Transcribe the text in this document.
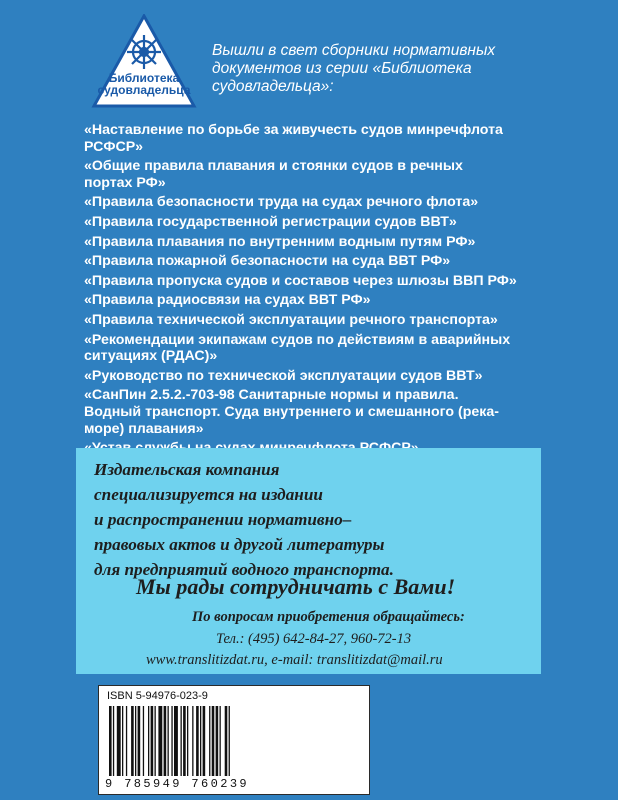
Библиотека
судовладельца
Вышли в свет сборники нормативных
документов из серии «Библиотека
судовладельца»:
«Наставление по борьбе за живучесть судов минречфлота
РСФСР»
«Общие правила плавания и стоянки судов в речных
портах РФ»
«Правила безопасности труда на судах речного флота»
«Правила государственной регистрации судов ВВТ»
«Правила плавания по внутренним водным путям РФ»
«Правила пожарной безопасности на суда ВВТ РФ»
«Правила пропуска судов и составов через шлюзы ВВП РФ»
«Правила радиосвязи на судах ВВТ РФ»
«Правила технической эксплуатации речного транспорта»
«Рекомендации экипажам судов по действиям в аварийных
ситуациях (РДАС)»
«Руководство по технической эксплуатации судов ВВТ»
«СанПин 2.5.2.-703-98 Санитарные нормы и правила.
Водный транспорт. Суда внутреннего и смешанного (река-
море) плавания»
Издательская компания
специализируется на издании
и распространении нормативно–
правовых актов и другой литературы
для предприятий водного транспорта.
Мы рады сотрудничать с Вами!
По вопросам приобретения обращайтесь:
Тел.: (495) 642-84-27, 960-72-13
www.translitizdat.ru, e-mail: translitizdat@mail.ru
ISBN 5-94976-023-9
9 785949 760239
